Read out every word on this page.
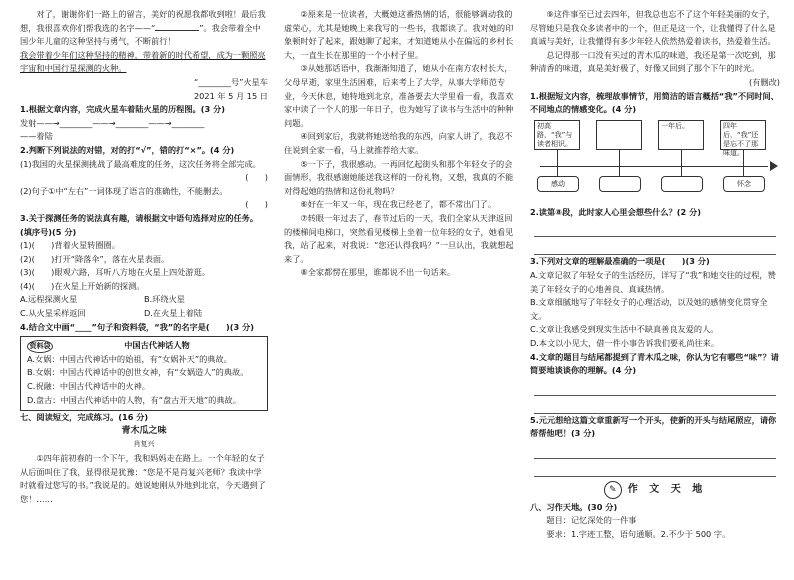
对了，谢谢你们一路上的留言，美好的祝愿我都收到啦！最后我想，我很喜欢你们帮我选的名字——“	”。我会带着全中国少年儿童的这种坚持与勇气，不断前行！

我会带着少年们这种坚持的精神，带着新的时代希望，成为一颗照亮宇宙和中国行星探测的火种。

“________号”火星车

2021 年 5 月 15 日

1.根据文章内容，完成火星车着陆火星的历程图。(3 分)

发射——→________——→________——→________

——着陆

2.判断下列说法的对错，对的打“√”，错的打“×”。(4 分)

(1)我国的火星探测挑战了最高难度的任务，这次任务将全部完成。

(　　)

(2)句子①中“左右”一词体现了语言的准确性，不能删去。

(　　)

3.关于探测任务的说法真有趣，请根据文中语句选择对应的任务。(填序号)(5 分)

(1)(　　)背着火星转圈圈。

(2)(　　)打开“降落伞”，落在火星表面。

(3)(　　)眼观六路，耳听八方地在火星上四处游逛。

(4)(　　)在火星上开始新的探测。

A.远程探测火星	B.环绕火星
C.从火星采样返回	D.在火星上着陆

4.结合文中画“____”句子和资料袋，“我”的名字是(　　)(3 分)

资料袋	中国古代神话人物

A.女娲：中国古代神话中的始祖，有“女娲补天”的典故。

B.女娲：中国古代神话中的创世女神，有“女娲造人”的典故。

C.祝融：中国古代神话中的火神。

D.盘古：中国古代神话中的人物，有“盘古开天地”的典故。

七、阅读短文，完成练习。(16 分)

青木瓜之味

肖复兴

①四年前初春的一个下午，我和妈妈走在路上。一个年轻的女子从后面叫住了我，显得很是犹豫：“您是不是肖复兴老师？我读中学时就看过您写的书。”我说是的。她说她刚从外地到北京，今天遇到了您！……

②原来是一位读者，大概她这番热情的话，很能够调动我的虚荣心，尤其是她晚上来我写的一些书，我都读了。我对她的印象顿时好了起来，跟她聊了起来，才知道她从小在偏远的乡村长大，一直生长在那里的一个小村子里。

③从她那话语中，我渐渐知道了，她从小在南方农村长大，父母早逝，家里生活困难，后来考上了大学，从事大学师范专业，今天休息，她特地到北京，准备要去大学里看一看，我喜欢家中读了一个人的那一年日子，也为她写了读书与生活中的种种问题。

④回到家后，我就将她送给我的东西，向家人讲了，我忍不住说到全家一看，马上就推荐给大家。

⑤一下子，我很感动。一再回忆起街头和那个年轻女子的会面情形，我很感谢她能送我这样的一份礼物，又想，我真的不能对得起她的热情和这份礼物吗？

⑥好在一年又一年，现在我已经老了，都不常出门了。

⑦转眼一年过去了，春节过后的一天，我们全家从天津返回的楼梯间电梯口，突然看见楼梯上坐着一位年轻的女子，她看见我，站了起来，对我说：“您还认得我吗？”一旦认出，我就想起来了。

⑧全家都愣在那里，谁都说不出一句话来。

⑨这件事至已过去四年，但我总也忘不了这个年轻美丽的女子，尽管她只是我众多读者中的一个，但正是这一个，让我懂得了什么是真诚与美好，让我懂得有多少年轻人依然热爱着读书，热爱着生活。

总记得那一口没有买过的青木瓜的味道，我还是第一次吃到，那种清香的味道，真是美好极了，好像又回到了那个下午的时光。

(有删改)

1.根据短文内容，梳理故事情节，用简洁的语言概括“我”不同时间、不同地点的情感变化。(4 分)

初高路，“我”与读者相识。
一年后。	四年后，“我”还是忘不了那味道。
感动	怀念

2.读第⑧段，此时家人心里会想些什么？(2 分)

3.下列对文章的理解最准确的一项是(　　)(3 分)

A.文章记叙了年轻女子的生活经历，详写了“我”和她交往的过程，赞美了年轻女子的心地善良、真诚热情。

B.文章细腻地写了年轻女子的心理活动，以及她的感情变化贯穿全文。

C.文章让我感受到现实生活中不缺真善良友爱的人。

D.本文以小见大，借一件小事告诉我们要礼尚往来。

4.文章的题目与结尾都提到了青木瓜之味，你认为它有哪些“味”？请简要地谈谈你的理解。(4 分)

5.元元想给这篇文章重新写一个开头，使新的开头与结尾照应，请你帮帮他吧！(3 分)

✎	作 文 天 地

八、习作天地。(30 分)

题目：记忆深处的一件事

要求：1.字迹工整，语句通顺。2.不少于 500 字。
